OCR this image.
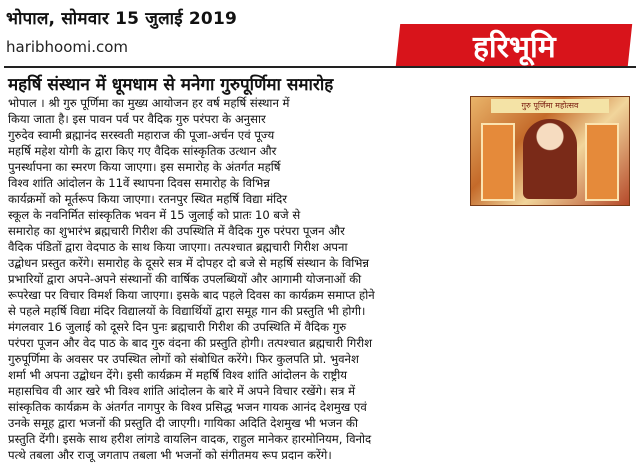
भोपाल, सोमवार 15 जुलाई 2019
haribhoomi.com	हरिभूमि
महर्षि संस्थान में धूमधाम से मनेगा गुरुपूर्णिमा समारोह
गुरु पूर्णिमा महोत्सव
भोपाल । श्री गुरु पूर्णिमा का मुख्य आयोजन हर वर्ष महर्षि संस्थान में
किया जाता है। इस पावन पर्व पर वैदिक गुरु परंपरा के अनुसार
गुरुदेव स्वामी ब्रह्मानंद सरस्वती महाराज की पूजा-अर्चन एवं पूज्य
महर्षि महेश योगी के द्वारा किए गए वैदिक सांस्कृतिक उत्थान और
पुनर्स्थापना का स्मरण किया जाएगा। इस समारोह के अंतर्गत महर्षि
विश्व शांति आंदोलन के 11वें स्थापना दिवस समारोह के विभिन्न
कार्यक्रमों को मूर्तरूप किया जाएगा। रतनपुर स्थित महर्षि विद्या मंदिर
स्कूल के नवनिर्मित सांस्कृतिक भवन में 15 जुलाई को प्रातः 10 बजे से
समारोह का शुभारंभ ब्रह्मचारी गिरीश की उपस्थिति में वैदिक गुरु परंपरा पूजन और
वैदिक पंडितों द्वारा वेदपाठ के साथ किया जाएगा। तत्पश्चात ब्रह्मचारी गिरीश अपना
उद्बोधन प्रस्तुत करेंगे। समारोह के दूसरे सत्र में दोपहर दो बजे से महर्षि संस्थान के विभिन्न
प्रभारियों द्वारा अपने-अपने संस्थानों की वार्षिक उपलब्धियों और आगामी योजनाओं की
रूपरेखा पर विचार विमर्श किया जाएगा। इसके बाद पहले दिवस का कार्यक्रम समाप्त होने
से पहले महर्षि विद्या मंदिर विद्यालयों के विद्यार्थियों द्वारा समूह गान की प्रस्तुति भी होगी।
मंगलवार 16 जुलाई को दूसरे दिन पुनः ब्रह्मचारी गिरीश की उपस्थिति में वैदिक गुरु
परंपरा पूजन और वेद पाठ के बाद गुरु वंदना की प्रस्तुति होगी। तत्पश्चात ब्रह्मचारी गिरीश
गुरुपूर्णिमा के अवसर पर उपस्थित लोगों को संबोधित करेंगे। फिर कुलपति प्रो. भुवनेश
शर्मा भी अपना उद्बोधन देंगे। इसी कार्यक्रम में महर्षि विश्व शांति आंदोलन के राष्ट्रीय
महासचिव वी आर खरे भी विश्व शांति आंदोलन के बारे में अपने विचार रखेंगे। सत्र में
सांस्कृतिक कार्यक्रम के अंतर्गत नागपुर के विश्व प्रसिद्ध भजन गायक आनंद देशमुख एवं
उनके समूह द्वारा भजनों की प्रस्तुति दी जाएगी। गायिका अदिति देशमुख भी भजन की
प्रस्तुति देंगी। इसके साथ हरीश लांगडे वायलिन वादक, राहुल मानेकर हारमोनियम, विनोद
पत्थे तबला और राजू जगताप तबला भी भजनों को संगीतमय रूप प्रदान करेंगे।
